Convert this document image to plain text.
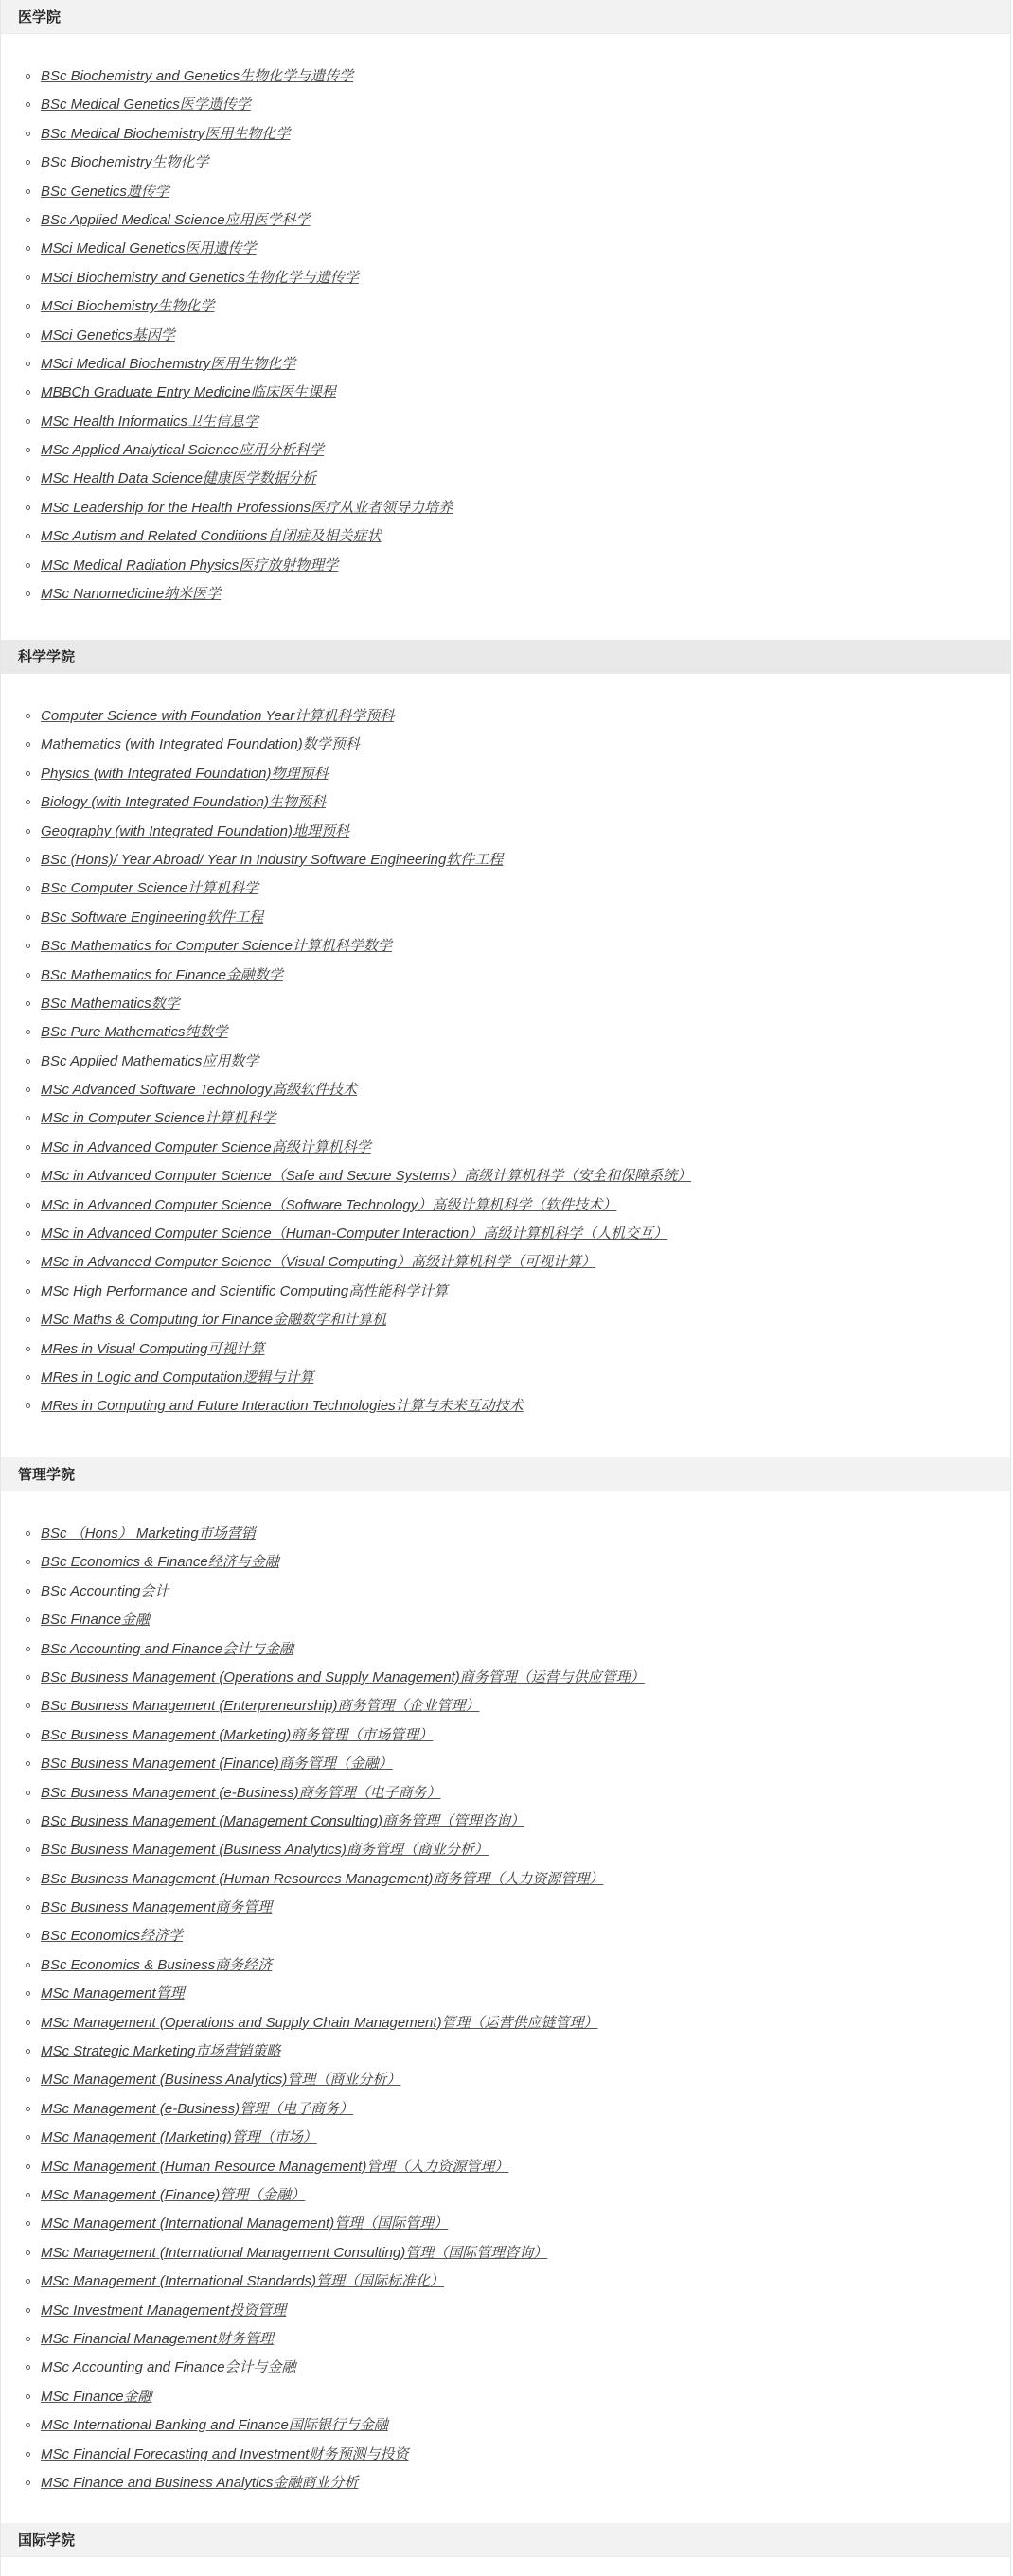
医学院
BSc Biochemistry and Genetics生物化学与遗传学
BSc Medical Genetics医学遗传学
BSc Medical Biochemistry医用生物化学
BSc Biochemistry生物化学
BSc Genetics遗传学
BSc Applied Medical Science应用医学科学
MSci Medical Genetics医用遗传学
MSci Biochemistry and Genetics生物化学与遗传学
MSci Biochemistry生物化学
MSci Genetics基因学
MSci Medical Biochemistry医用生物化学
MBBCh Graduate Entry Medicine临床医生课程
MSc Health Informatics卫生信息学
MSc Applied Analytical Science应用分析科学
MSc Health Data Science健康医学数据分析
MSc Leadership for the Health Professions医疗从业者领导力培养
MSc Autism and Related Conditions自闭症及相关症状
MSc Medical Radiation Physics医疗放射物理学
MSc Nanomedicine纳米医学
科学学院
Computer Science with Foundation Year计算机科学预科
Mathematics (with Integrated Foundation)数学预科
Physics (with Integrated Foundation)物理预科
Biology (with Integrated Foundation)生物预科
Geography (with Integrated Foundation)地理预科
BSc (Hons)/ Year Abroad/ Year In Industry Software Engineering软件工程
BSc Computer Science计算机科学
BSc Software Engineering软件工程
BSc Mathematics for Computer Science计算机科学数学
BSc Mathematics for Finance金融数学
BSc Mathematics数学
BSc Pure Mathematics纯数学
BSc Applied Mathematics应用数学
MSc Advanced Software Technology高级软件技术
MSc in Computer Science计算机科学
MSc in Advanced Computer Science高级计算机科学
MSc in Advanced Computer Science（Safe and Secure Systems）高级计算机科学（安全和保障系统）
MSc in Advanced Computer Science（Software Technology）高级计算机科学（软件技术）
MSc in Advanced Computer Science（Human-Computer Interaction）高级计算机科学（人机交互）
MSc in Advanced Computer Science（Visual Computing）高级计算机科学（可视计算）
MSc High Performance and Scientific Computing高性能科学计算
MSc Maths & Computing for Finance金融数学和计算机
MRes in Visual Computing可视计算
MRes in Logic and Computation逻辑与计算
MRes in Computing and Future Interaction Technologies计算与未来互动技术
管理学院
BSc （Hons） Marketing市场营销
BSc Economics & Finance经济与金融
BSc Accounting会计
BSc Finance金融
BSc Accounting and Finance会计与金融
BSc Business Management (Operations and Supply Management)商务管理（运营与供应管理）
BSc Business Management (Enterpreneurship)商务管理（企业管理）
BSc Business Management (Marketing)商务管理（市场管理）
BSc Business Management (Finance)商务管理（金融）
BSc Business Management (e-Business)商务管理（电子商务）
BSc Business Management (Management Consulting)商务管理（管理咨询）
BSc Business Management (Business Analytics)商务管理（商业分析）
BSc Business Management (Human Resources Management)商务管理（人力资源管理）
BSc Business Management商务管理
BSc Economics经济学
BSc Economics & Business商务经济
MSc Management管理
MSc Management (Operations and Supply Chain Management)管理（运营供应链管理）
MSc Strategic Marketing市场营销策略
MSc Management (Business Analytics)管理（商业分析）
MSc Management (e-Business)管理（电子商务）
MSc Management (Marketing)管理（市场）
MSc Management (Human Resource Management)管理（人力资源管理）
MSc Management (Finance)管理（金融）
MSc Management (International Management)管理（国际管理）
MSc Management (International Management Consulting)管理（国际管理咨询）
MSc Management (International Standards)管理（国际标准化）
MSc Investment Management投资管理
MSc Financial Management财务管理
MSc Accounting and Finance会计与金融
MSc Finance金融
MSc International Banking and Finance国际银行与金融
MSc Financial Forecasting and Investment财务预测与投资
MSc Finance and Business Analytics金融商业分析
国际学院
